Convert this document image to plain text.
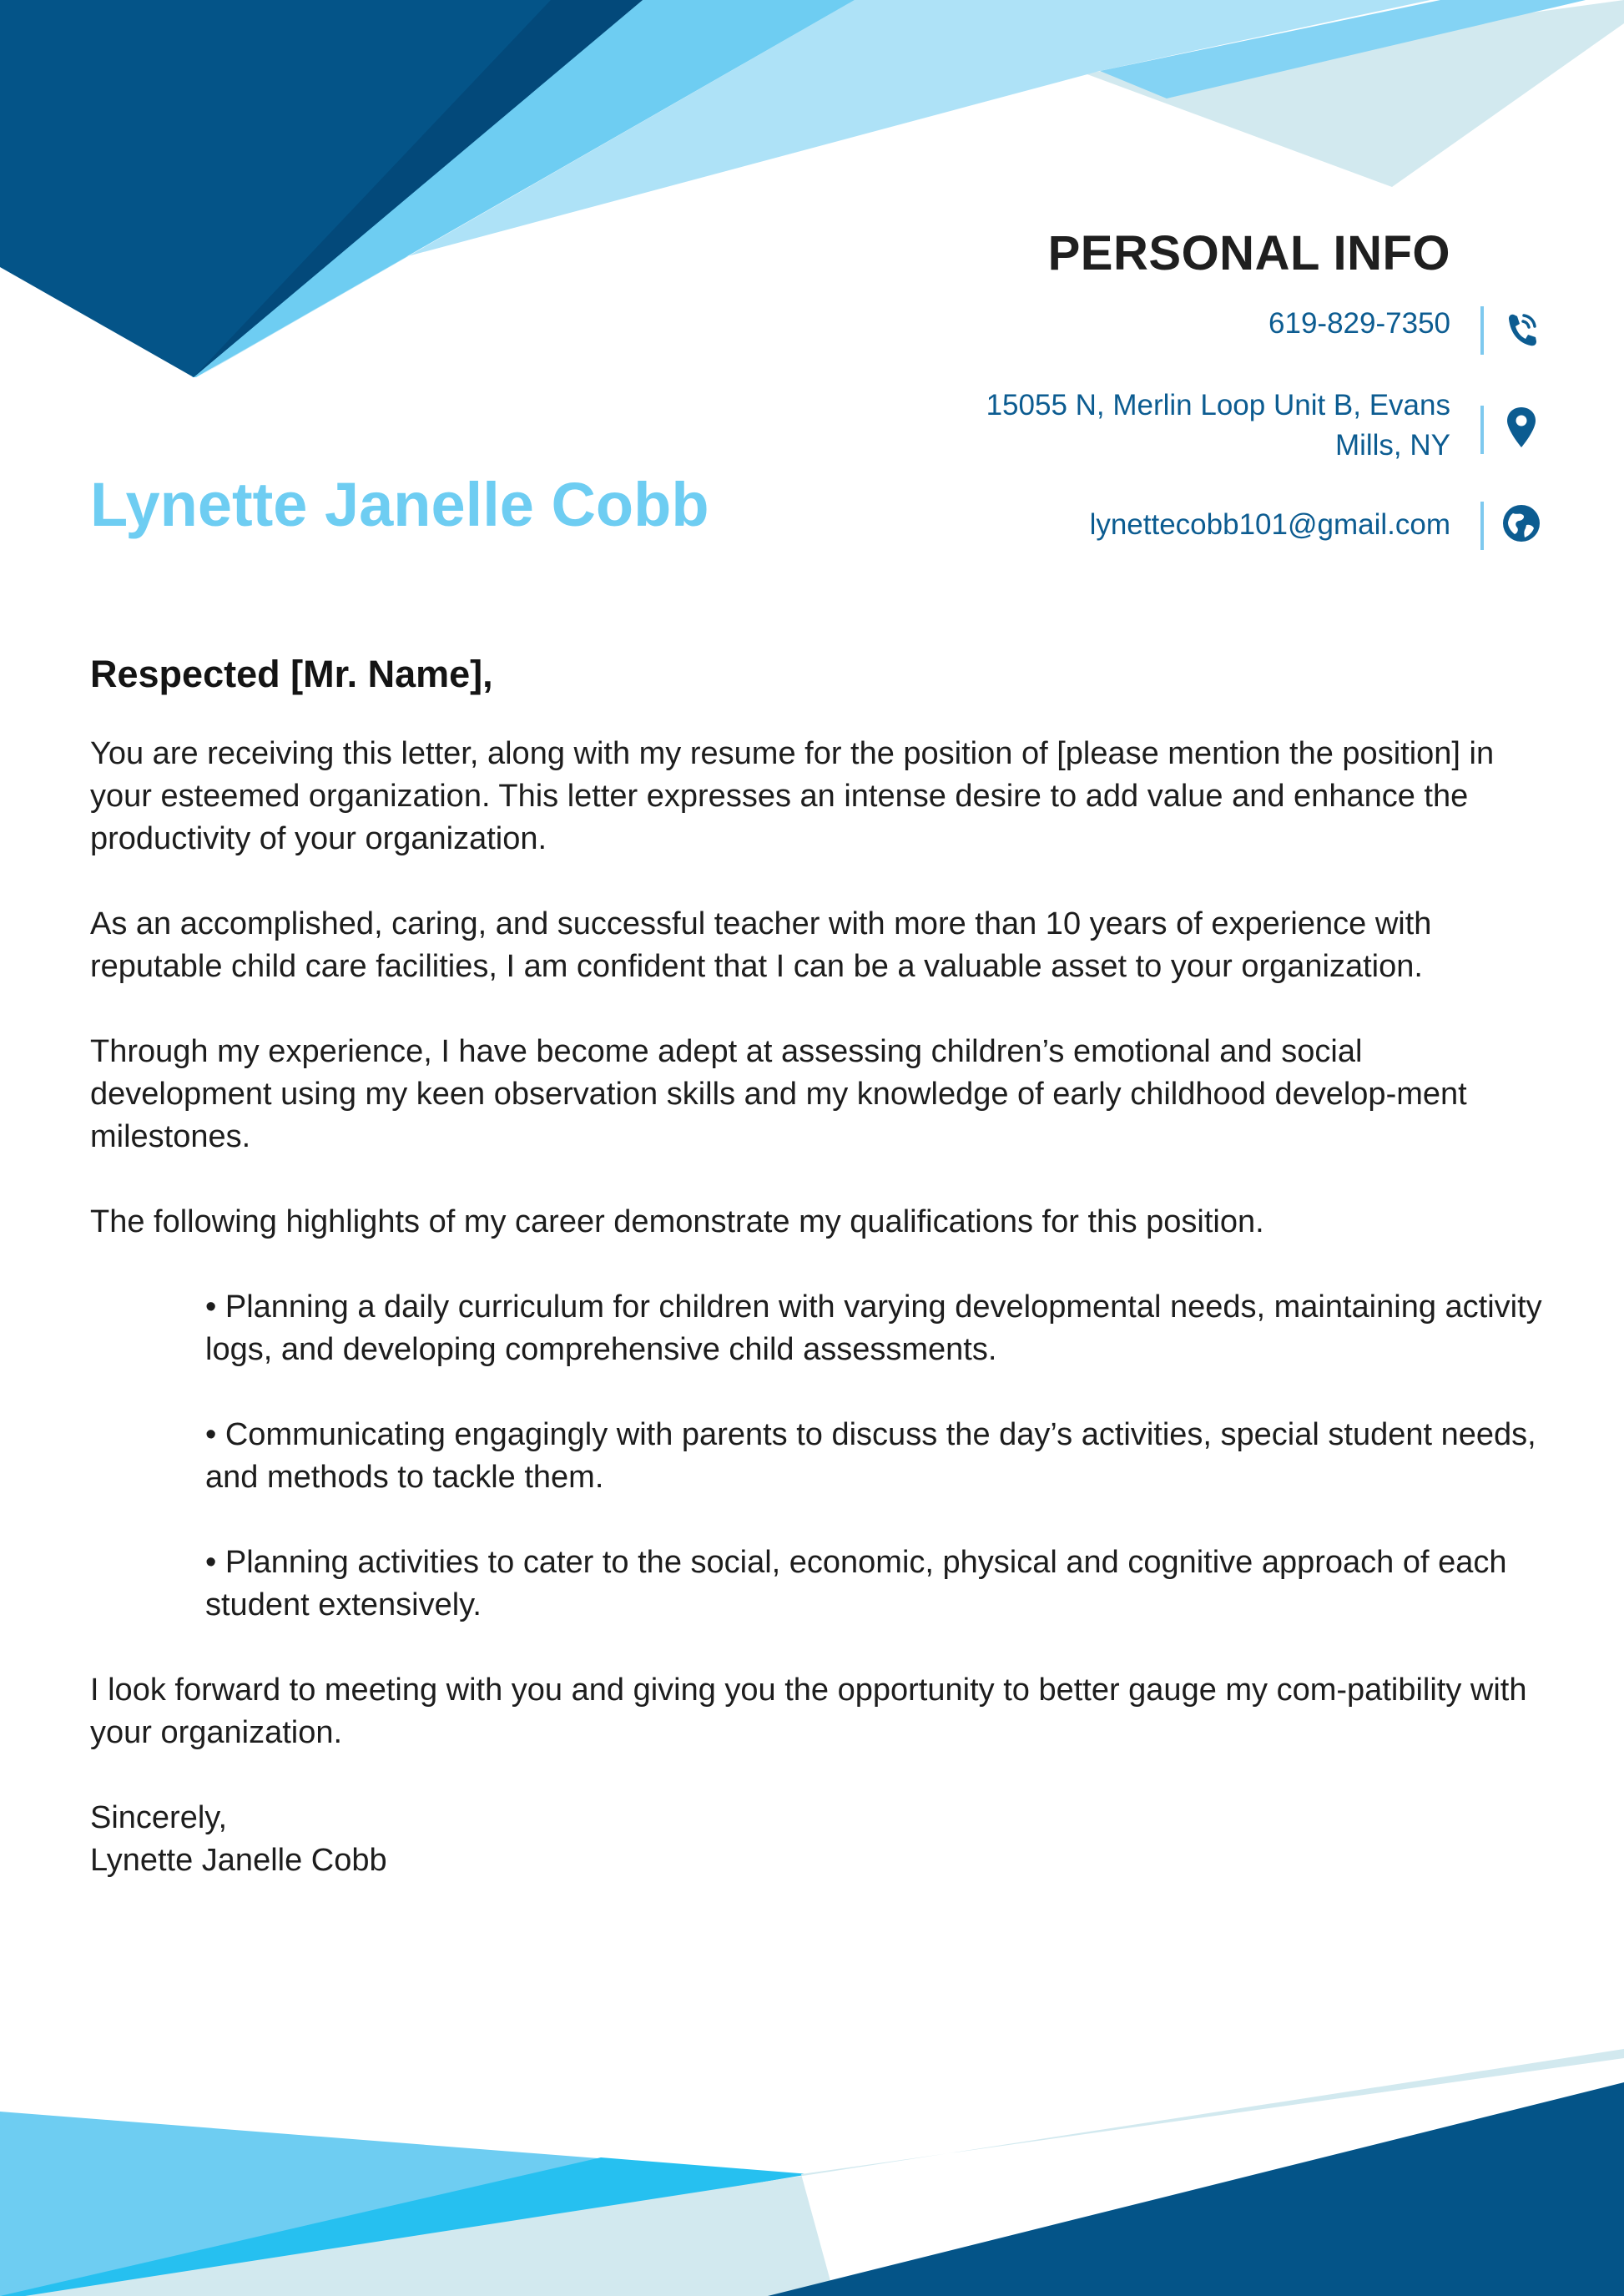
PERSONAL INFO
619-829-7350
15055 N, Merlin Loop Unit B, Evans
Mills, NY
lynettecobb101@gmail.com
Lynette Janelle Cobb

Respected [Mr. Name],

You are receiving this letter, along with my resume for the position of [please mention the position] in your esteemed organization. This letter expresses an intense desire to add value and enhance the productivity of your organization.

As an accomplished, caring, and successful teacher with more than 10 years of experience with reputable child care facilities, I am confident that I can be a valuable asset to your organization.

Through my experience, I have become adept at assessing children’s emotional and social development using my keen observation skills and my knowledge of early childhood develop-ment milestones.

The following highlights of my career demonstrate my qualifications for this position.

• Planning a daily curriculum for children with varying developmental needs, maintaining activity logs, and developing comprehensive child assessments.
• Communicating engagingly with parents to discuss the day’s activities, special student needs, and methods to tackle them.
• Planning activities to cater to the social, economic, physical and cognitive approach of each student extensively.

I look forward to meeting with you and giving you the opportunity to better gauge my com-patibility with your organization.

Sincerely,

Lynette Janelle Cobb
